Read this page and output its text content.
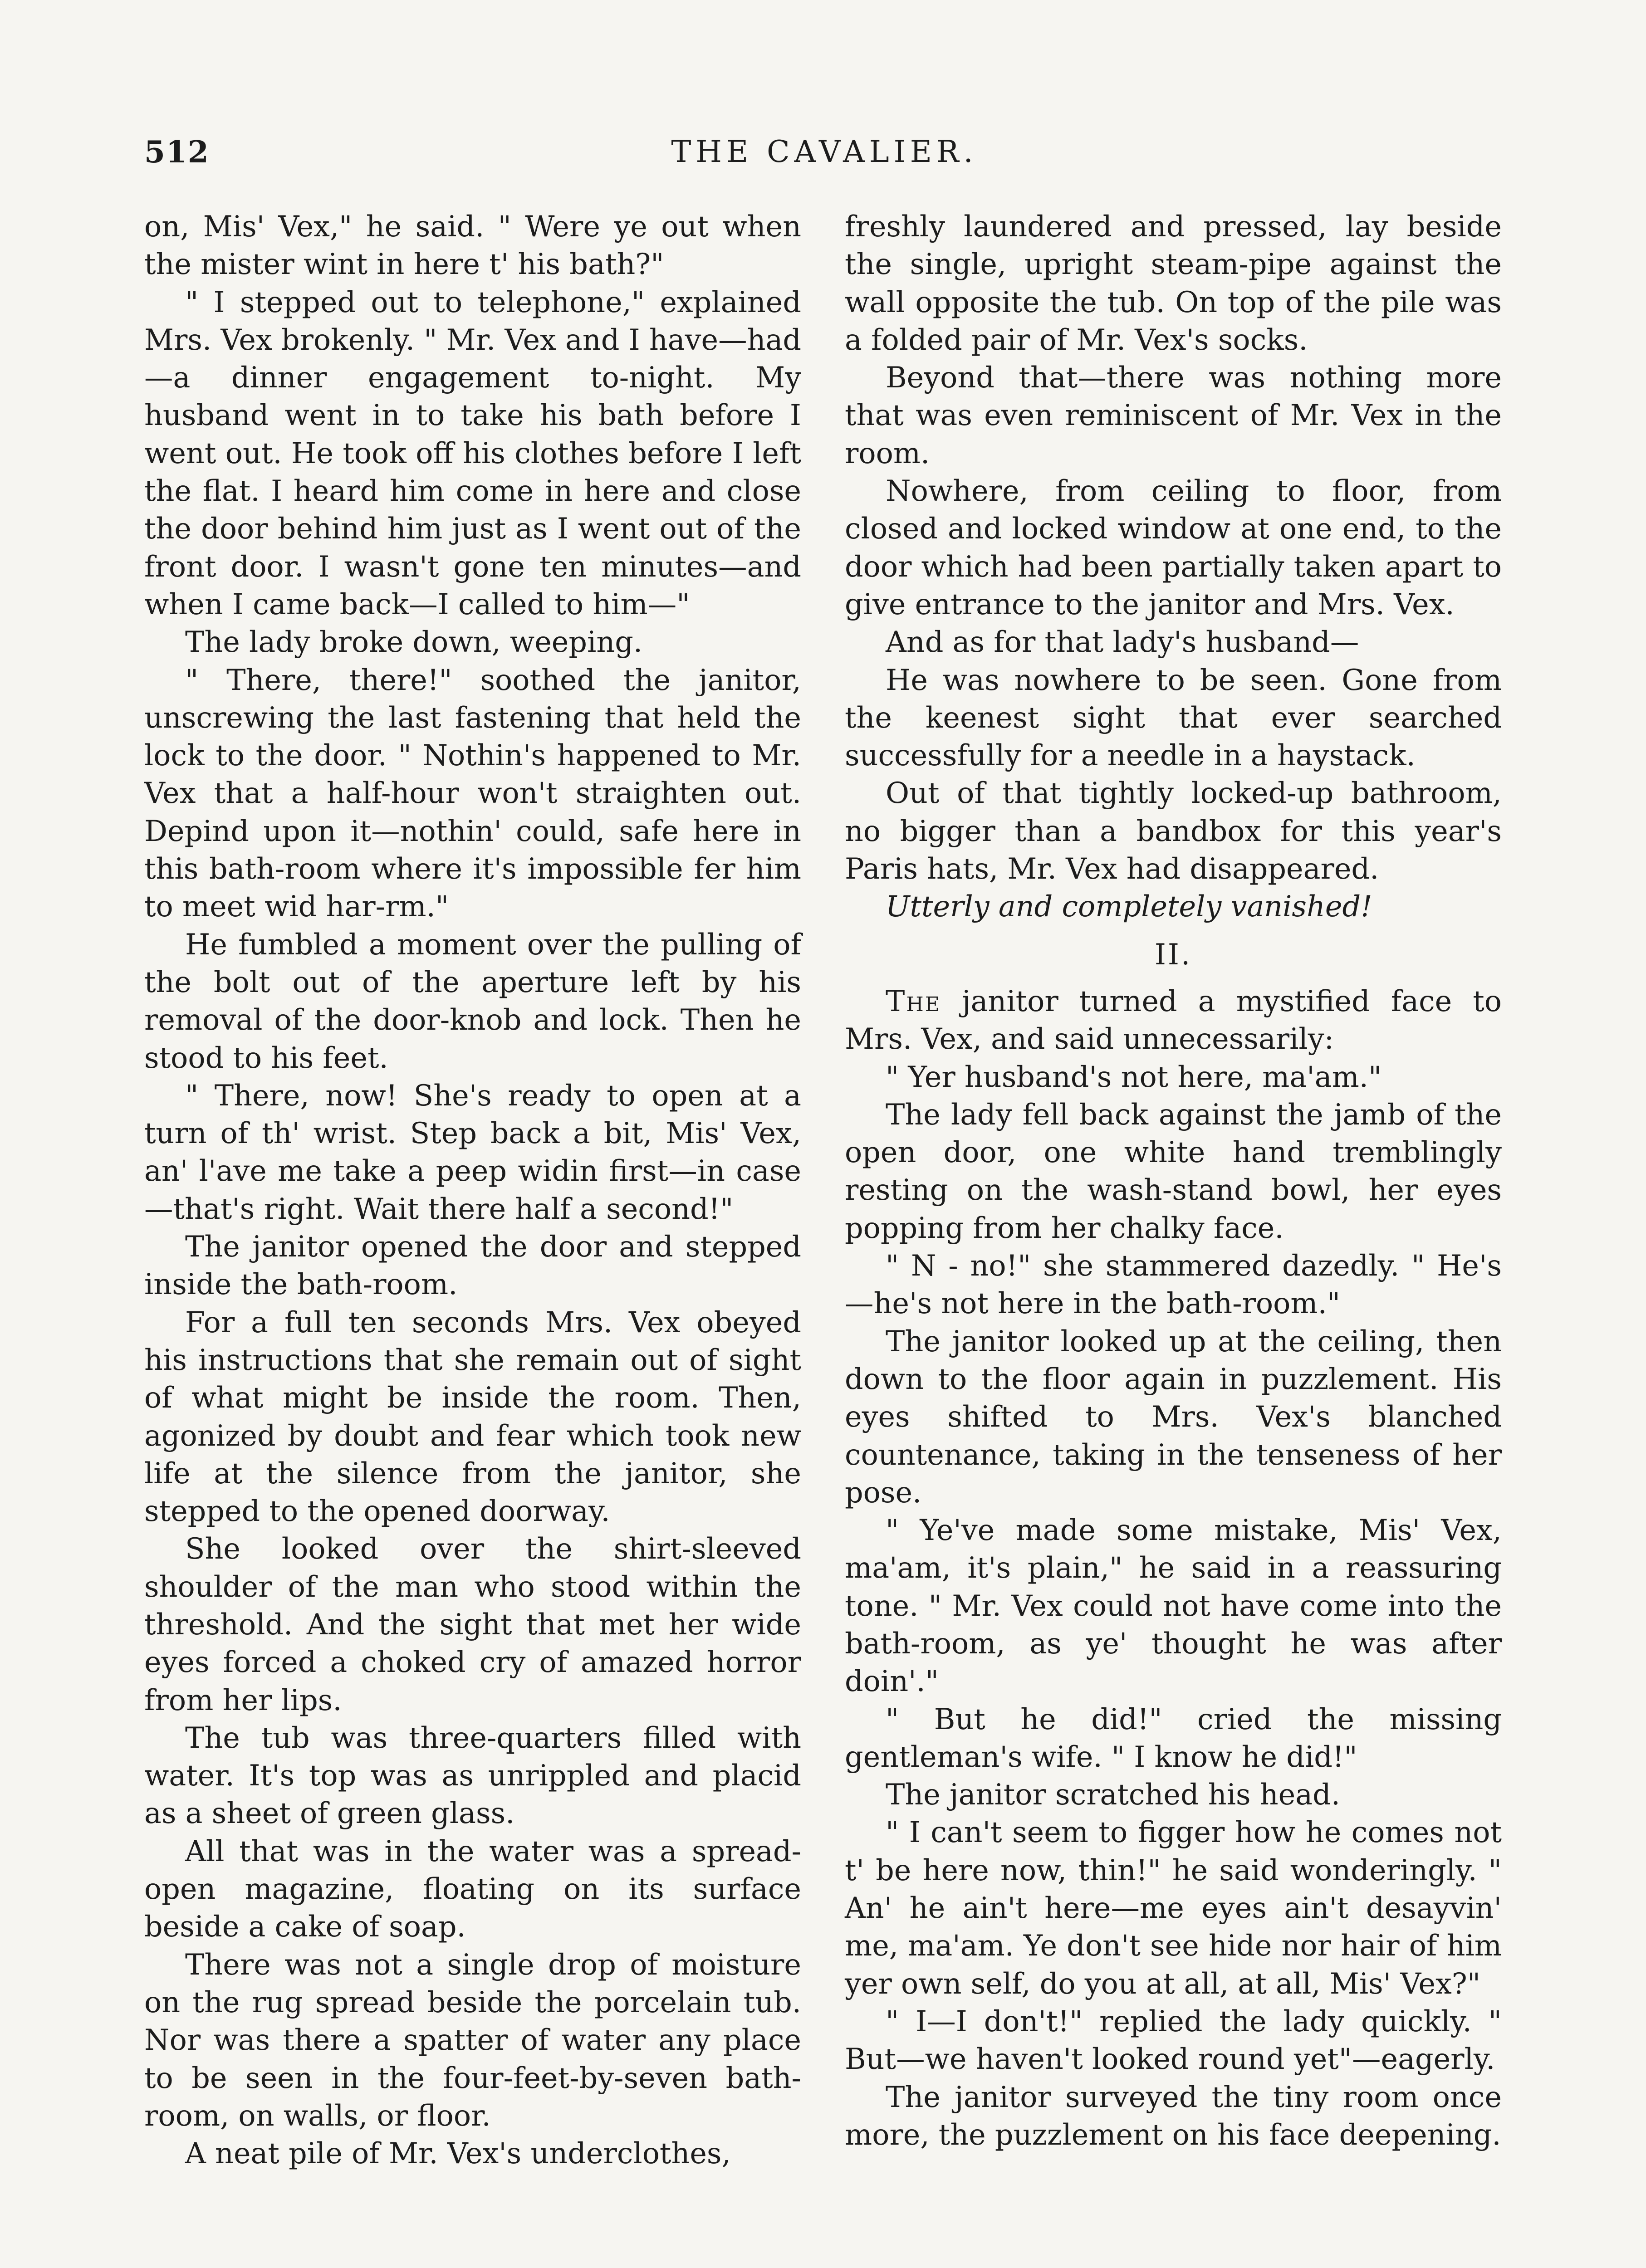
512	THE CAVALIER.

on, Mis' Vex," he said. " Were ye out when the mister wint in here t' his bath?"

" I stepped out to telephone," explained Mrs. Vex brokenly. " Mr. Vex and I have—had—a dinner engagement to-night. My husband went in to take his bath before I went out. He took off his clothes before I left the flat. I heard him come in here and close the door behind him just as I went out of the front door. I wasn't gone ten minutes—and when I came back—I called to him—"

The lady broke down, weeping.

" There, there!" soothed the janitor, unscrewing the last fastening that held the lock to the door. " Nothin's happened to Mr. Vex that a half-hour won't straighten out. Depind upon it—nothin' could, safe here in this bath-room where it's impossible fer him to meet wid har-rm."

He fumbled a moment over the pulling of the bolt out of the aperture left by his removal of the door-knob and lock. Then he stood to his feet.

" There, now! She's ready to open at a turn of th' wrist. Step back a bit, Mis' Vex, an' l'ave me take a peep widin first—in case—that's right. Wait there half a second!"

The janitor opened the door and stepped inside the bath-room.

For a full ten seconds Mrs. Vex obeyed his instructions that she remain out of sight of what might be inside the room. Then, agonized by doubt and fear which took new life at the silence from the janitor, she stepped to the opened doorway.

She looked over the shirt-sleeved shoulder of the man who stood within the threshold. And the sight that met her wide eyes forced a choked cry of amazed horror from her lips.

The tub was three-quarters filled with water. It's top was as unrippled and placid as a sheet of green glass.

All that was in the water was a spread-open magazine, floating on its surface beside a cake of soap.

There was not a single drop of moisture on the rug spread beside the porcelain tub. Nor was there a spatter of water any place to be seen in the four-feet-by-seven bath-room, on walls, or floor.

A neat pile of Mr. Vex's underclothes,

freshly laundered and pressed, lay beside the single, upright steam-pipe against the wall opposite the tub. On top of the pile was a folded pair of Mr. Vex's socks.

Beyond that—there was nothing more that was even reminiscent of Mr. Vex in the room.

Nowhere, from ceiling to floor, from closed and locked window at one end, to the door which had been partially taken apart to give entrance to the janitor and Mrs. Vex.

And as for that lady's husband—

He was nowhere to be seen. Gone from the keenest sight that ever searched successfully for a needle in a haystack.

Out of that tightly locked-up bathroom, no bigger than a bandbox for this year's Paris hats, Mr. Vex had disappeared.

Utterly and completely vanished!

II.

The janitor turned a mystified face to Mrs. Vex, and said unnecessarily:

" Yer husband's not here, ma'am."

The lady fell back against the jamb of the open door, one white hand tremblingly resting on the wash-stand bowl, her eyes popping from her chalky face.

" N - no!" she stammered dazedly. " He's—he's not here in the bath-room."

The janitor looked up at the ceiling, then down to the floor again in puzzlement. His eyes shifted to Mrs. Vex's blanched countenance, taking in the tenseness of her pose.

" Ye've made some mistake, Mis' Vex, ma'am, it's plain," he said in a reassuring tone. " Mr. Vex could not have come into the bath-room, as ye' thought he was after doin'."

" But he did!" cried the missing gentleman's wife. " I know he did!"

The janitor scratched his head.

" I can't seem to figger how he comes not t' be here now, thin!" he said wonderingly. " An' he ain't here—me eyes ain't desayvin' me, ma'am. Ye don't see hide nor hair of him yer own self, do you at all, at all, Mis' Vex?"

" I—I don't!" replied the lady quickly. " But—we haven't looked round yet"—eagerly.

The janitor surveyed the tiny room once more, the puzzlement on his face deepening.
